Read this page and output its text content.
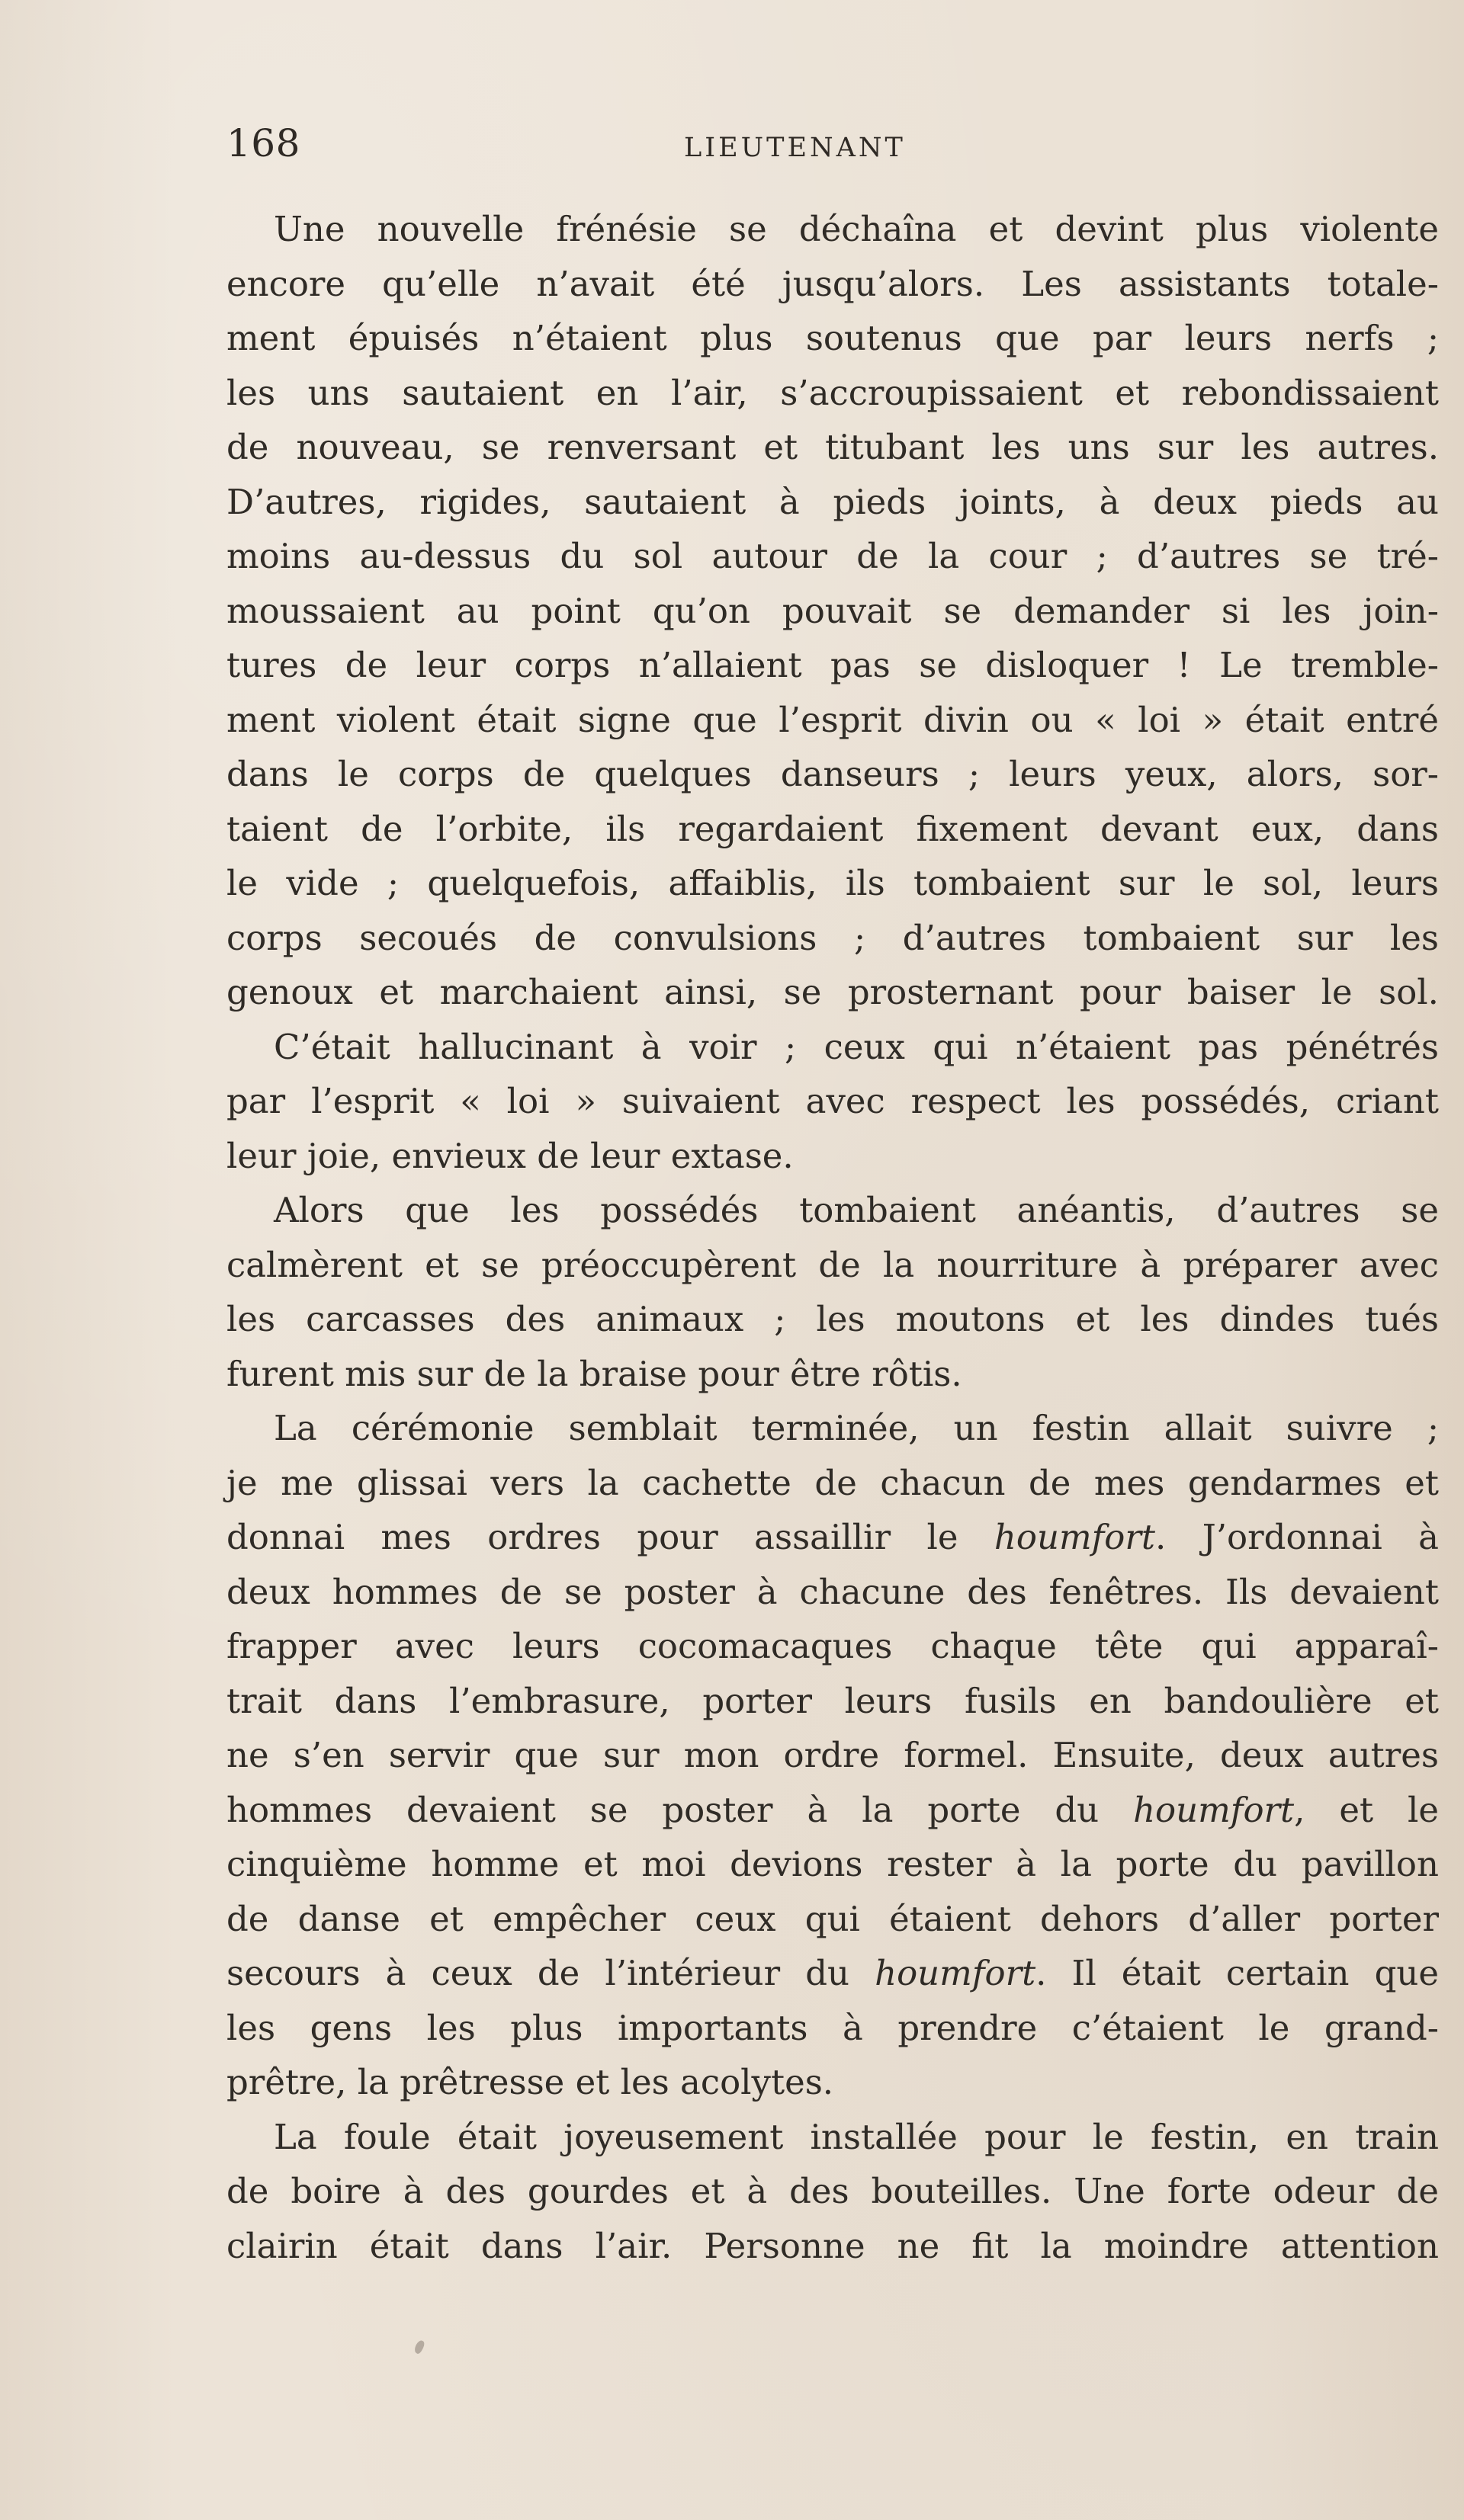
168	LIEUTENANT
Une nouvelle frénésie se déchaîna et devint plus violente
encore qu’elle n’avait été jusqu’alors. Les assistants totale-
ment épuisés n’étaient plus soutenus que par leurs nerfs ;
les uns sautaient en l’air, s’accroupissaient et rebondissaient
de nouveau, se renversant et titubant les uns sur les autres.
D’autres, rigides, sautaient à pieds joints, à deux pieds au
moins au-dessus du sol autour de la cour ; d’autres se tré-
moussaient au point qu’on pouvait se demander si les join-
tures de leur corps n’allaient pas se disloquer ! Le tremble-
ment violent était signe que l’esprit divin ou « loi » était entré
dans le corps de quelques danseurs ; leurs yeux, alors, sor-
taient de l’orbite, ils regardaient fixement devant eux, dans
le vide ; quelquefois, affaiblis, ils tombaient sur le sol, leurs
corps secoués de convulsions ; d’autres tombaient sur les
genoux et marchaient ainsi, se prosternant pour baiser le sol.
C’était hallucinant à voir ; ceux qui n’étaient pas pénétrés
par l’esprit « loi » suivaient avec respect les possédés, criant
leur joie, envieux de leur extase.
Alors que les possédés tombaient anéantis, d’autres se
calmèrent et se préoccupèrent de la nourriture à préparer avec
les carcasses des animaux ; les moutons et les dindes tués
furent mis sur de la braise pour être rôtis.
La cérémonie semblait terminée, un festin allait suivre ;
je me glissai vers la cachette de chacun de mes gendarmes et
donnai mes ordres pour assaillir le houmfort. J’ordonnai à
deux hommes de se poster à chacune des fenêtres. Ils devaient
frapper avec leurs cocomacaques chaque tête qui apparaî-
trait dans l’embrasure, porter leurs fusils en bandoulière et
ne s’en servir que sur mon ordre formel. Ensuite, deux autres
hommes devaient se poster à la porte du houmfort, et le
cinquième homme et moi devions rester à la porte du pavillon
de danse et empêcher ceux qui étaient dehors d’aller porter
secours à ceux de l’intérieur du houmfort. Il était certain que
les gens les plus importants à prendre c’étaient le grand-
prêtre, la prêtresse et les acolytes.
La foule était joyeusement installée pour le festin, en train
de boire à des gourdes et à des bouteilles. Une forte odeur de
clairin était dans l’air. Personne ne fit la moindre attention
